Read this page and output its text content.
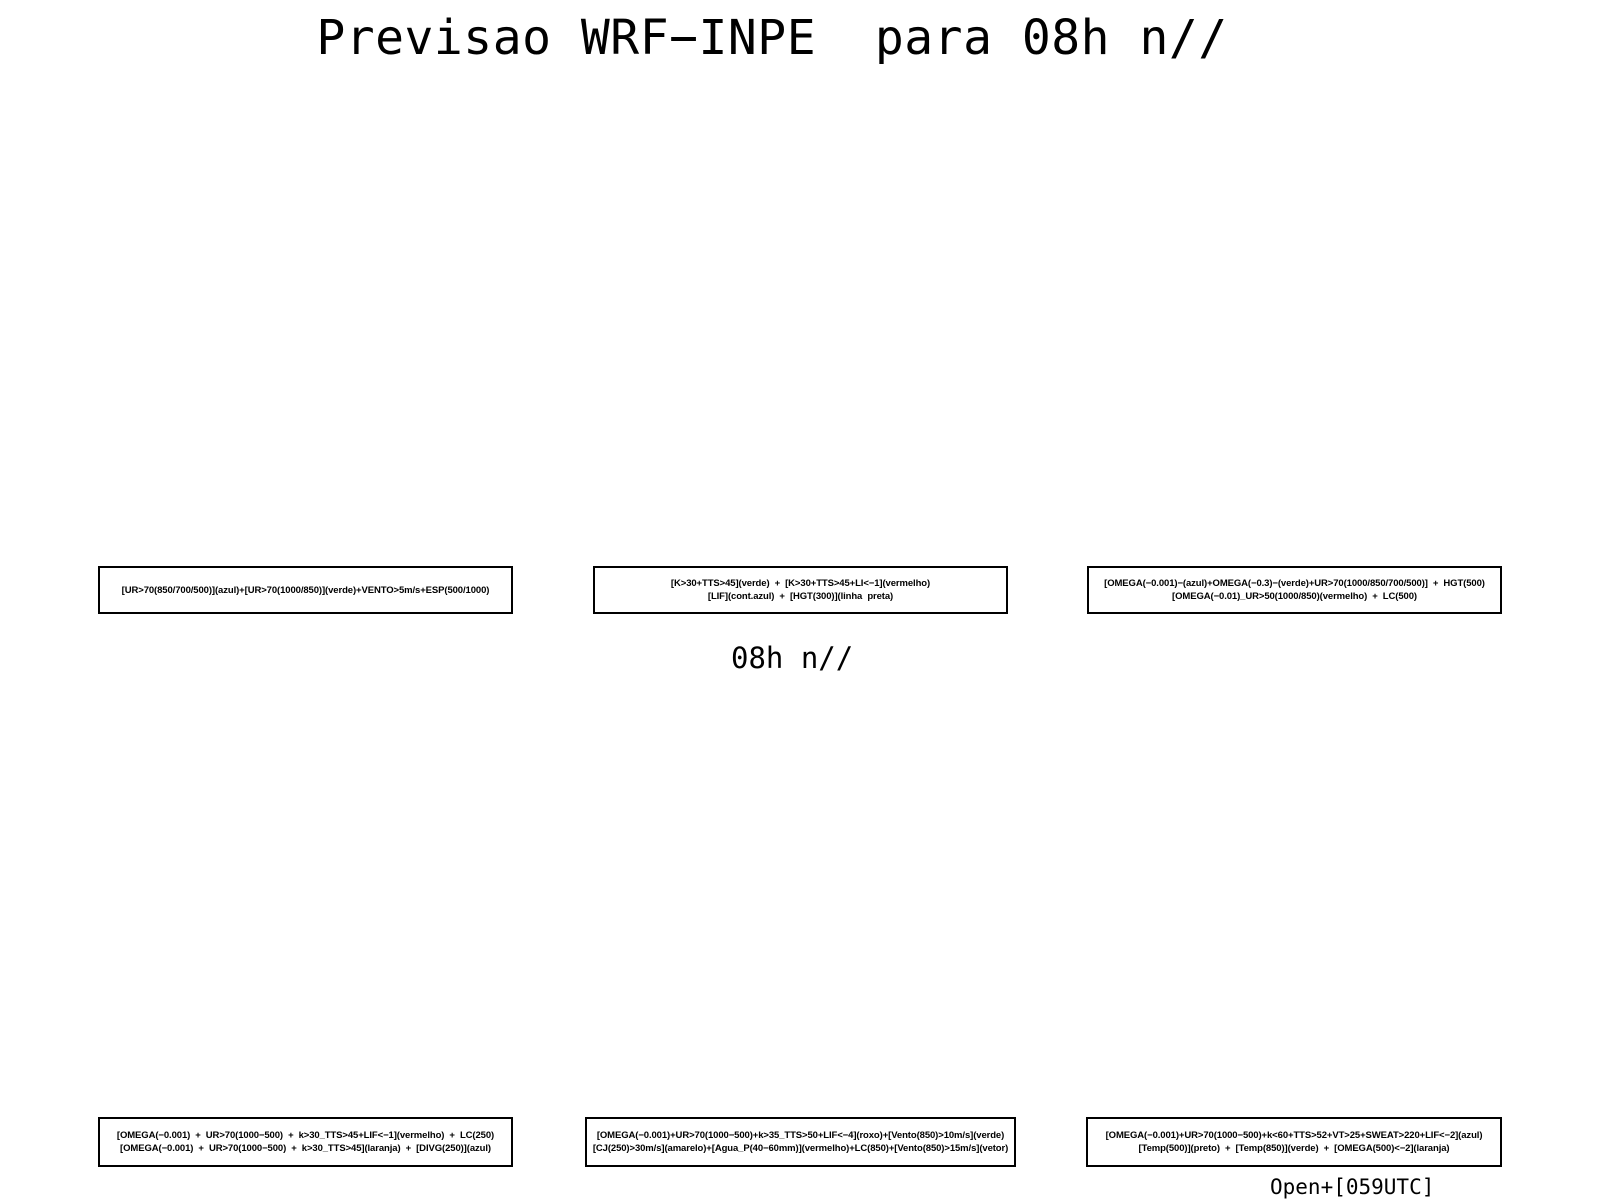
Previsao WRF−INPE  para 08h n//
[UR>70(850/700/500)](azul)+[UR>70(1000/850)](verde)+VENTO>5m/s+ESP(500/1000)
[K>30+TTS>45](verde)  +  [K>30+TTS>45+LI<−1](vermelho)
[LIF](cont.azul)  +  [HGT(300)](linha  preta)
[OMEGA(−0.001)−(azul)+OMEGA(−0.3)−(verde)+UR>70(1000/850/700/500)]  +  HGT(500)
[OMEGA(−0.01)_UR>50(1000/850)(vermelho)  +  LC(500)
08h n//
[OMEGA(−0.001)  +  UR>70(1000−500)  +  k>30_TTS>45+LIF<−1](vermelho)  +  LC(250)
[OMEGA(−0.001)  +  UR>70(1000−500)  +  k>30_TTS>45](laranja)  +  [DIVG(250)](azul)
[OMEGA(−0.001)+UR>70(1000−500)+k>35_TTS>50+LIF<−4](roxo)+[Vento(850)>10m/s](verde)
[CJ(250)>30m/s](amarelo)+[Agua_P(40−60mm)](vermelho)+LC(850)+[Vento(850)>15m/s](vetor)
[OMEGA(−0.001)+UR>70(1000−500)+k<60+TTS>52+VT>25+SWEAT>220+LIF<−2](azul)
[Temp(500)](preto)  +  [Temp(850)](verde)  +  [OMEGA(500)<−2](laranja)
Open+[059UTC]
